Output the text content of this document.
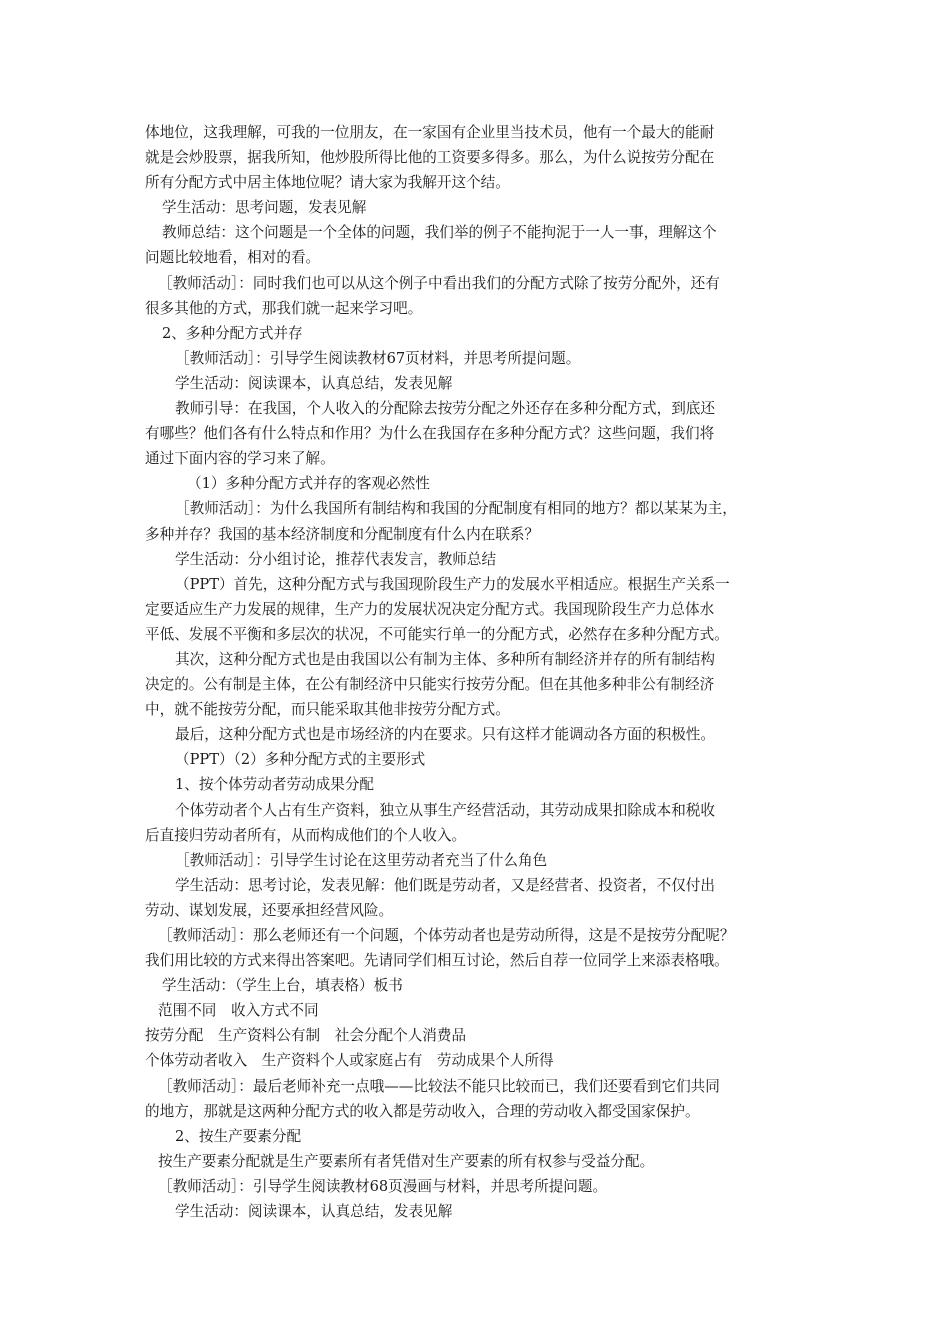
体地位，这我理解，可我的一位朋友，在一家国有企业里当技术员，他有一个最大的能耐
就是会炒股票，据我所知，他炒股所得比他的工资要多得多。那么，为什么说按劳分配在
所有分配方式中居主体地位呢？请大家为我解开这个结。
学生活动：思考问题，发表见解
教师总结：这个问题是一个全体的问题，我们举的例子不能拘泥于一人一事，理解这个
问题比较地看，相对的看。
［教师活动］：同时我们也可以从这个例子中看出我们的分配方式除了按劳分配外，还有
很多其他的方式，那我们就一起来学习吧。
2、多种分配方式并存
［教师活动］：引导学生阅读教材67页材料，并思考所提问题。
学生活动：阅读课本，认真总结，发表见解
教师引导：在我国，个人收入的分配除去按劳分配之外还存在多种分配方式，到底还
有哪些？他们各有什么特点和作用？为什么在我国存在多种分配方式？这些问题，我们将
通过下面内容的学习来了解。
（1）多种分配方式并存的客观必然性
［教师活动］：为什么我国所有制结构和我国的分配制度有相同的地方？都以某某为主，
多种并存？我国的基本经济制度和分配制度有什么内在联系？
学生活动：分小组讨论，推荐代表发言，教师总结
（PPT）首先，这种分配方式与我国现阶段生产力的发展水平相适应。根据生产关系一
定要适应生产力发展的规律，生产力的发展状况决定分配方式。我国现阶段生产力总体水
平低、发展不平衡和多层次的状况，不可能实行单一的分配方式，必然存在多种分配方式。
其次，这种分配方式也是由我国以公有制为主体、多种所有制经济并存的所有制结构
决定的。公有制是主体，在公有制经济中只能实行按劳分配。但在其他多种非公有制经济
中，就不能按劳分配，而只能采取其他非按劳分配方式。
最后，这种分配方式也是市场经济的内在要求。只有这样才能调动各方面的积极性。
（PPT）（2）多种分配方式的主要形式
1、按个体劳动者劳动成果分配
个体劳动者个人占有生产资料，独立从事生产经营活动，其劳动成果扣除成本和税收
后直接归劳动者所有，从而构成他们的个人收入。
［教师活动］：引导学生讨论在这里劳动者充当了什么角色
学生活动：思考讨论，发表见解：他们既是劳动者，又是经营者、投资者，不仅付出
劳动、谋划发展，还要承担经营风险。
［教师活动］：那么老师还有一个问题，个体劳动者也是劳动所得，这是不是按劳分配呢？
我们用比较的方式来得出答案吧。先请同学们相互讨论，然后自荐一位同学上来添表格哦。
学生活动：（学生上台，填表格）板书
范围不同　收入方式不同
按劳分配　生产资料公有制　社会分配个人消费品
个体劳动者收入　生产资料个人或家庭占有　劳动成果个人所得
［教师活动］：最后老师补充一点哦——比较法不能只比较而已，我们还要看到它们共同
的地方，那就是这两种分配方式的收入都是劳动收入，合理的劳动收入都受国家保护。
2、按生产要素分配
按生产要素分配就是生产要素所有者凭借对生产要素的所有权参与受益分配。
［教师活动］：引导学生阅读教材68页漫画与材料，并思考所提问题。
学生活动：阅读课本，认真总结，发表见解
